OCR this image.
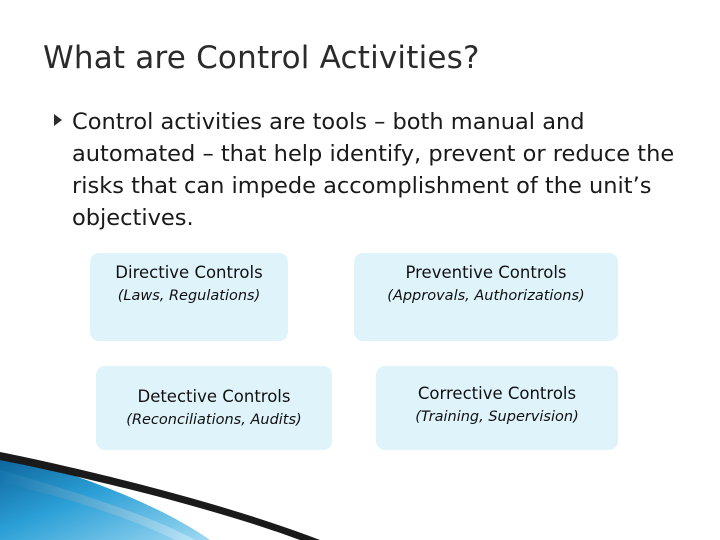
What are Control Activities?

Control activities are tools – both manual and automated – that help identify, prevent or reduce the risks that can impede accomplishment of the unit’s objectives.

Directive Controls
(Laws, Regulations)
Preventive Controls
(Approvals, Authorizations)
Detective Controls
(Reconciliations, Audits)
Corrective Controls
(Training, Supervision)
